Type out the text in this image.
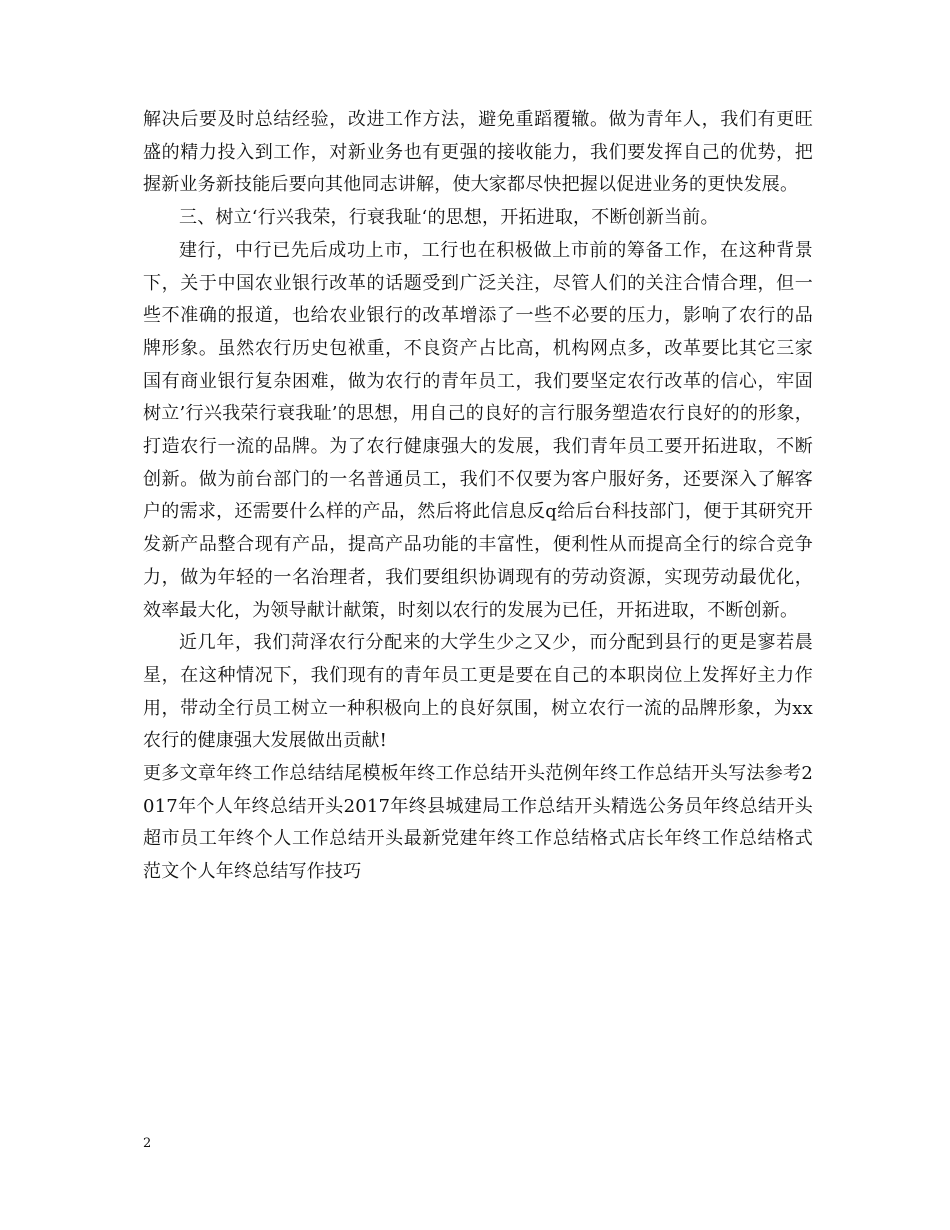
解决后要及时总结经验，改进工作方法，避免重蹈覆辙。做为青年人，我们有更旺盛的精力投入到工作，对新业务也有更强的接收能力，我们要发挥自己的优势，把握新业务新技能后要向其他同志讲解，使大家都尽快把握以促进业务的更快发展。

三、树立‘行兴我荣，行衰我耻‘的思想，开拓进取，不断创新当前。

建行，中行已先后成功上市，工行也在积极做上市前的筹备工作，在这种背景下，关于中国农业银行改革的话题受到广泛关注，尽管人们的关注合情合理，但一些不准确的报道，也给农业银行的改革增添了一些不必要的压力，影响了农行的品牌形象。虽然农行历史包袱重，不良资产占比高，机构网点多，改革要比其它三家国有商业银行复杂困难，做为农行的青年员工，我们要坚定农行改革的信心，牢固树立’行兴我荣行衰我耻’的思想，用自己的良好的言行服务塑造农行良好的的形象，打造农行一流的品牌。为了农行健康强大的发展，我们青年员工要开拓进取，不断创新。做为前台部门的一名普通员工，我们不仅要为客户服好务，还要深入了解客户的需求，还需要什么样的产品，然后将此信息反q给后台科技部门，便于其研究开发新产品整合现有产品，提高产品功能的丰富性，便利性从而提高全行的综合竞争力，做为年轻的一名治理者，我们要组织协调现有的劳动资源，实现劳动最优化，效率最大化，为领导献计献策，时刻以农行的发展为已任，开拓进取，不断创新。

近几年，我们菏泽农行分配来的大学生少之又少，而分配到县行的更是寥若晨星，在这种情况下，我们现有的青年员工更是要在自己的本职岗位上发挥好主力作用，带动全行员工树立一种积极向上的良好氛围，树立农行一流的品牌形象，为xx农行的健康强大发展做出贡献!

更多文章年终工作总结结尾模板年终工作总结开头范例年终工作总结开头写法参考2017年个人年终总结开头2017年终县城建局工作总结开头精选公务员年终总结开头超市员工年终个人工作总结开头最新党建年终工作总结格式店长年终工作总结格式范文个人年终总结写作技巧

2
